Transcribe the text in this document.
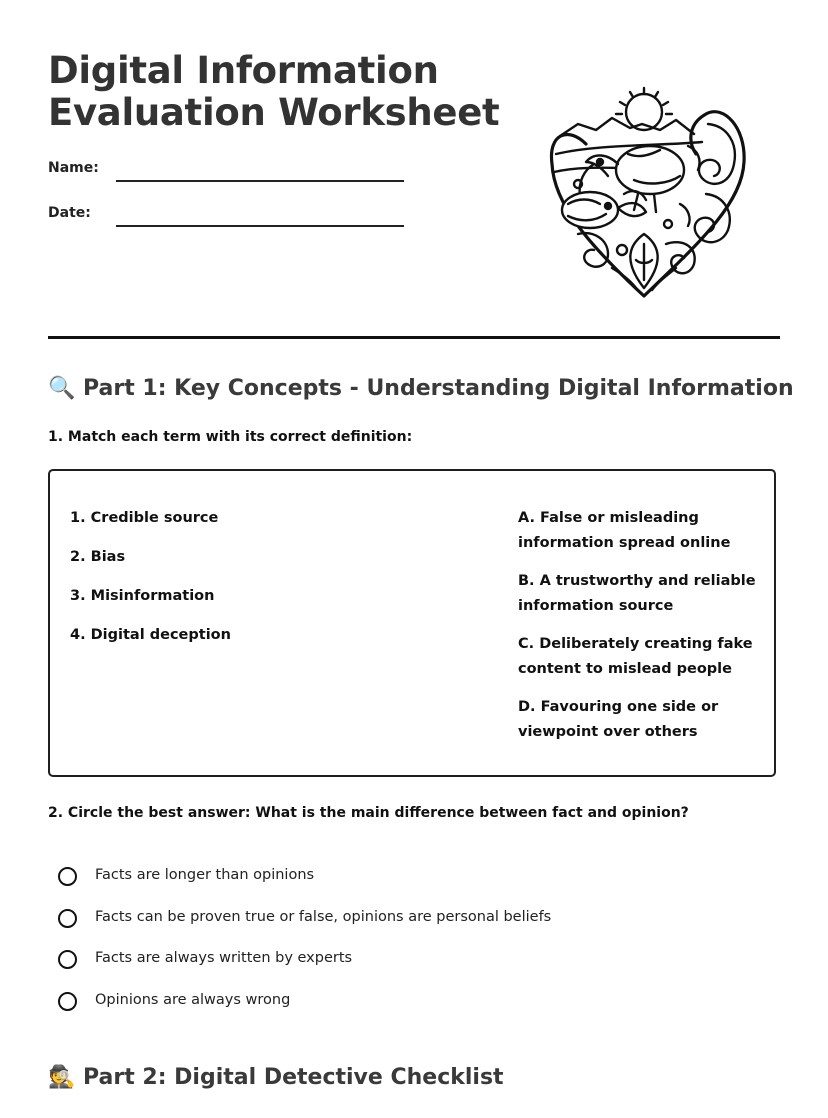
Digital Information
Evaluation Worksheet
Name:
Date:
🔍 Part 1: Key Concepts - Understanding Digital Information
1. Match each term with its correct definition:
1. Credible source
2. Bias
3. Misinformation
4. Digital deception
A. False or misleading information spread online
B. A trustworthy and reliable information source
C. Deliberately creating fake content to mislead people
D. Favouring one side or viewpoint over others
2. Circle the best answer: What is the main difference between fact and opinion?
Facts are longer than opinions
Facts can be proven true or false, opinions are personal beliefs
Facts are always written by experts
Opinions are always wrong
🕵 Part 2: Digital Detective Checklist
